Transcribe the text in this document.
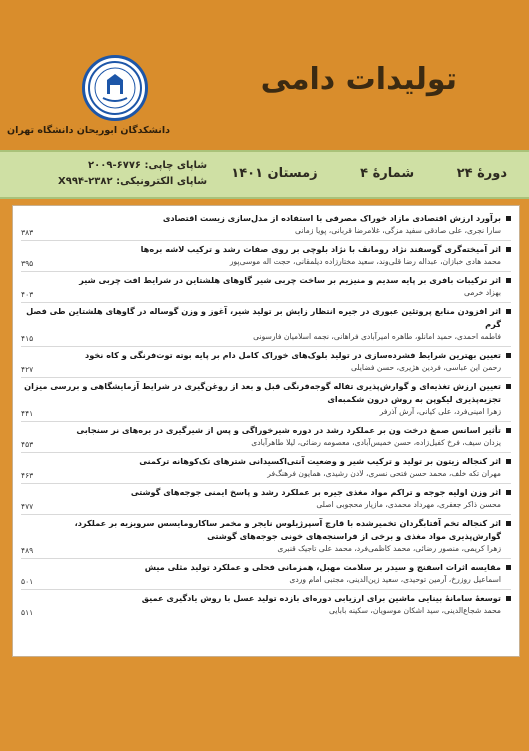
دانشکدگان ابوریحان دانشگاه تهران
تولیدات دامی
دورۀ ۲۴ شمارۀ ۴ زمستان ۱۴۰۱
شاپای چاپی: ۶۷۷۶-۲۰۰۹
شاپای الکترونیکی: X۹۹۴-۲۳۸۲
برآورد ارزش اقتصادی مازاد خوراک مصرفی با استفاده از مدل‌سازی زیست اقتصادی
سارا نجری، علی صادقی سفید مزگی، غلامرضا قربانی، پویا زمانی
۳۸۳
اثر آمیخته‌گری گوسفند نژاد رومانف با نژاد بلوچی بر روی صفات رشد و ترکیب لاشه بره‌ها
محمد هادی خبازان، عبداله رضا قلی‌وند، سعید مختارزاده دیلمقانی، حجت اله موسی‌پور
۳۹۵
اثر ترکیبات بافری بر پایه سدیم و منیزیم بر ساخت چربی شیر گاوهای هلشتاین در شرایط افت چربی شیر
بهزاد خرمی
۴۰۳
اثر افزودن منابع پروتئین عبوری در جیره انتظار زایش بر تولید شیر، آغوز و وزن گوساله در گاوهای هلشتاین طی فصل گرم
فاطمه احمدی، حمید امانلو، طاهره امیرآبادی فراهانی، نجمه اسلامیان فارسونی
۴۱۵
تعیین بهترین شرایط فشرده‌سازی در تولید بلوک‌های خوراک کامل دام بر پایه بوته توت‌فرنگی و کاه نخود
رحمن این عباسی، فردین هژیری، حسن فضایلی
۴۲۷
تعیین ارزش تغذیه‌ای و گوارش‌پذیری تفاله گوجه‌فرنگی قبل و بعد از روغن‌گیری در شرایط آزمایشگاهی و بررسی میزان تجزیه‌پذیری لیکوپن به روش درون شکمبه‌ای
زهرا امینی‌فرد، علی کیانی، آرش آذرفر
۴۴۱
تأثیر اسانس صمغ درخت ون بر عملکرد رشد در دوره شیرخوراگی و پس از شیرگیری در بره‌های نر سنجابی
یزدان سیف، فرخ کفیل‌زاده، حسن خمیس‌آبادی، معصومه رضائی، لیلا طاهرآبادی
۴۵۳
اثر کنجاله زیتون بر تولید و ترکیب شیر و وضعیت آنتی‌اکسیدانی شترهای تک‌کوهانه ترکمنی
مهران تکه خلف، محمد حسن فتحی نسری، لادن رشیدی، همایون فرهنگ‌فر
۴۶۳
اثر وزن اولیه جوجه و تراکم مواد مغذی جیره بر عملکرد رشد و پاسخ ایمنی جوجه‌های گوشتی
محسن ذاکر جعفری، مهرداد محمدی، مازیار محجوبی اصلی
۴۷۷
اثر کنجاله تخم آفتابگردان تخمیرشده با قارچ آسپرژیلوس نایجر و مخمر ساکارومایسس سرویزیه بر عملکرد، گوارش‌پذیری مواد مغذی و برخی از فراسنجه‌های خونی جوجه‌های گوشتی
زهرا کریمی، منصور رضائی، محمد کاظمی‌فرد، محمد علی تاجیک قنبری
۴۸۹
مقایسه اثرات اسفنج و سیدر بر سلامت مهبل، همزمانی فحلی و عملکرد تولید مثلی میش
اسماعیل روزرخ، آرمین توحیدی، سعید زین‌الدینی، مجتبی امام وردی
۵۰۱
توسعهٔ سامانهٔ بینایی ماشین برای ارزیابی دوره‌ای بازده تولید عسل با روش یادگیری عمیق
محمد شجاع‌الدینی، سید اشکان موسویان، سکینه بابایی
۵۱۱
